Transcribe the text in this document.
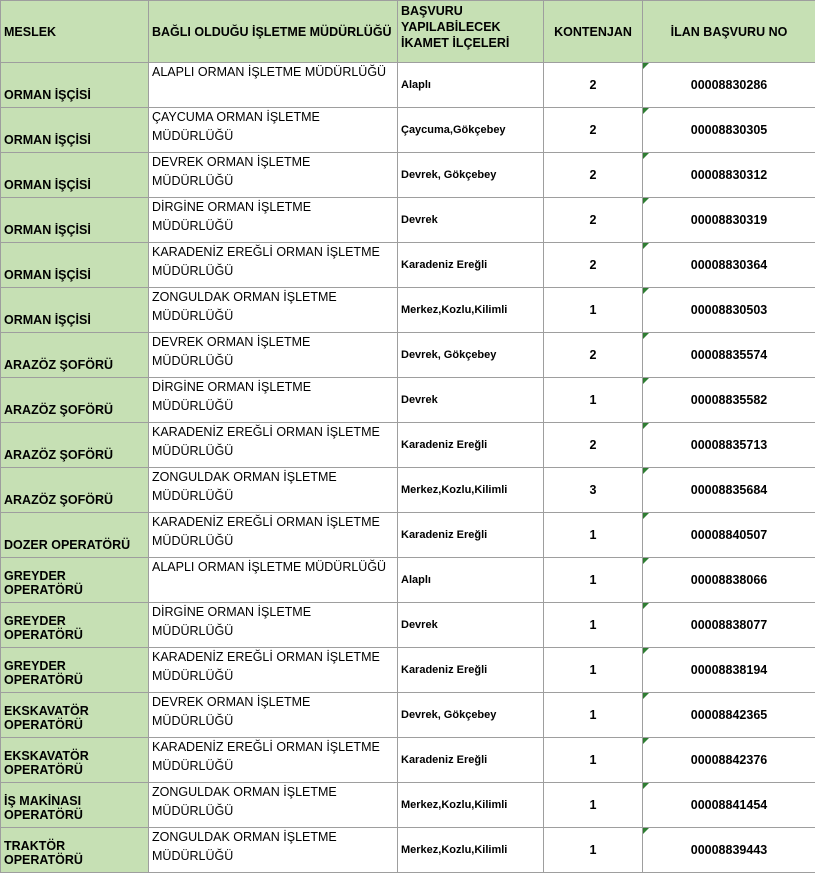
MESLEK	BAĞLI OLDUĞU İŞLETME MÜDÜRLÜĞÜ	BAŞVURU YAPILABİLECEK İKAMET İLÇELERİ	KONTENJAN	İLAN BAŞVURU NO
ORMAN İŞÇİSİ	ALAPLI ORMAN İŞLETME MÜDÜRLÜĞÜ	Alaplı	2	00008830286
ORMAN İŞÇİSİ	ÇAYCUMA ORMAN İŞLETME MÜDÜRLÜĞÜ	Çaycuma,Gökçebey	2	00008830305
ORMAN İŞÇİSİ	DEVREK ORMAN İŞLETME MÜDÜRLÜĞÜ	Devrek, Gökçebey	2	00008830312
ORMAN İŞÇİSİ	DİRGİNE ORMAN İŞLETME MÜDÜRLÜĞÜ	Devrek	2	00008830319
ORMAN İŞÇİSİ	KARADENİZ EREĞLİ ORMAN İŞLETME MÜDÜRLÜĞÜ	Karadeniz Ereğli	2	00008830364
ORMAN İŞÇİSİ	ZONGULDAK ORMAN İŞLETME MÜDÜRLÜĞÜ	Merkez,Kozlu,Kilimli	1	00008830503
ARAZÖZ ŞOFÖRÜ	DEVREK ORMAN İŞLETME MÜDÜRLÜĞÜ	Devrek, Gökçebey	2	00008835574
ARAZÖZ ŞOFÖRÜ	DİRGİNE ORMAN İŞLETME MÜDÜRLÜĞÜ	Devrek	1	00008835582
ARAZÖZ ŞOFÖRÜ	KARADENİZ EREĞLİ ORMAN İŞLETME MÜDÜRLÜĞÜ	Karadeniz Ereğli	2	00008835713
ARAZÖZ ŞOFÖRÜ	ZONGULDAK ORMAN İŞLETME MÜDÜRLÜĞÜ	Merkez,Kozlu,Kilimli	3	00008835684
DOZER OPERATÖRÜ	KARADENİZ EREĞLİ ORMAN İŞLETME MÜDÜRLÜĞÜ	Karadeniz Ereğli	1	00008840507
GREYDER OPERATÖRÜ	ALAPLI ORMAN İŞLETME MÜDÜRLÜĞÜ	Alaplı	1	00008838066
GREYDER OPERATÖRÜ	DİRGİNE ORMAN İŞLETME MÜDÜRLÜĞÜ	Devrek	1	00008838077
GREYDER OPERATÖRÜ	KARADENİZ EREĞLİ ORMAN İŞLETME MÜDÜRLÜĞÜ	Karadeniz Ereğli	1	00008838194
EKSKAVATÖR OPERATÖRÜ	DEVREK ORMAN İŞLETME MÜDÜRLÜĞÜ	Devrek, Gökçebey	1	00008842365
EKSKAVATÖR OPERATÖRÜ	KARADENİZ EREĞLİ ORMAN İŞLETME MÜDÜRLÜĞÜ	Karadeniz Ereğli	1	00008842376
İŞ MAKİNASI OPERATÖRÜ	ZONGULDAK ORMAN İŞLETME MÜDÜRLÜĞÜ	Merkez,Kozlu,Kilimli	1	00008841454
TRAKTÖR OPERATÖRÜ	ZONGULDAK ORMAN İŞLETME MÜDÜRLÜĞÜ	Merkez,Kozlu,Kilimli	1	00008839443
